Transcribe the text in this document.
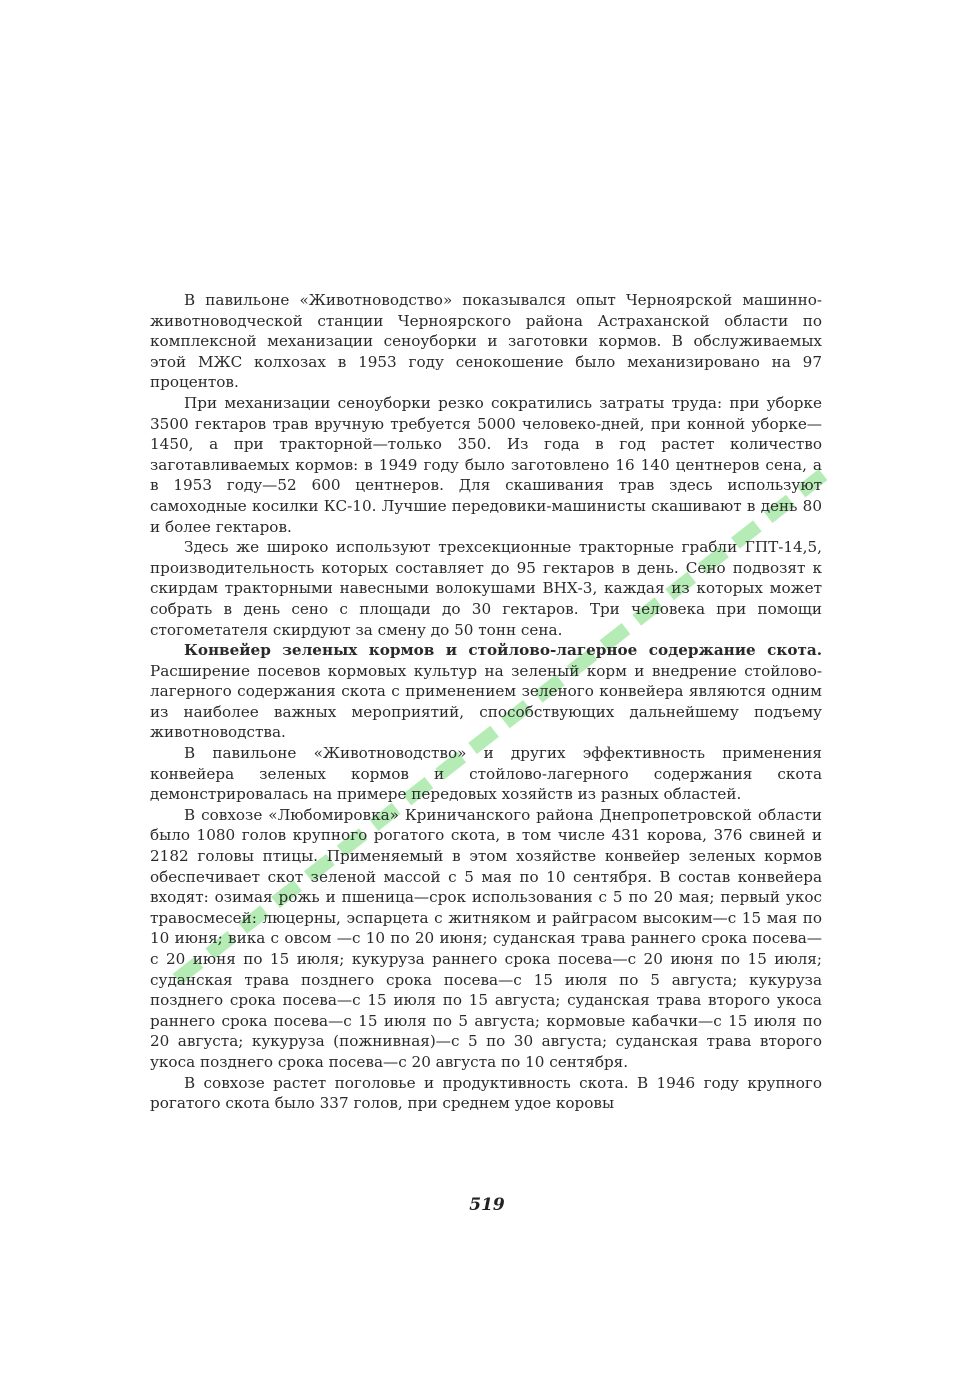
В павильоне «Животноводство» показывался опыт Черноярской машинно-животноводческой станции Черноярского района Астраханской области по комплексной механизации сеноуборки и заготовки кормов. В обслуживаемых этой МЖС колхозах в 1953 году сенокошение было механизировано на 97 процентов.

При механизации сеноуборки резко сократились затраты труда: при уборке 3500 гектаров трав вручную требуется 5000 человеко-дней, при конной уборке—1450, а при тракторной—только 350. Из года в год растет количество заготавливаемых кормов: в 1949 году было заготовлено 16 140 центнеров сена, а в 1953 году—52 600 центнеров. Для скашивания трав здесь используют самоходные косилки КС-10. Лучшие передовики-машинисты скашивают в день 80 и более гектаров.

Здесь же широко используют трехсекционные тракторные грабли ГПТ-14,5, производительность которых составляет до 95 гектаров в день. Сено подвозят к скирдам тракторными навесными волокушами ВНХ-3, каждая из которых может собрать в день сено с площади до 30 гектаров. Три человека при помощи стогометателя скирдуют за смену до 50 тонн сена.

Конвейер зеленых кормов и стойлово-лагерное содержание скота. Расширение посевов кормовых культур на зеленый корм и внедрение стойлово-лагерного содержания скота с применением зеленого конвейера являются одним из наиболее важных мероприятий, способствующих дальнейшему подъему животноводства.

В павильоне «Животноводство» и других эффективность применения конвейера зеленых кормов и стойлово-лагерного содержания скота демонстрировалась на примере передовых хозяйств из разных областей.

В совхозе «Любомировка» Криничанского района Днепропетровской области было 1080 голов крупного рогатого скота, в том числе 431 корова, 376 свиней и 2182 головы птицы. Применяемый в этом хозяйстве конвейер зеленых кормов обеспечивает скот зеленой массой с 5 мая по 10 сентября. В состав конвейера входят: озимая рожь и пшеница—срок использования с 5 по 20 мая; первый укос травосмесей: люцерны, эспарцета с житняком и райграсом высоким—с 15 мая по 10 июня; вика с овсом —с 10 по 20 июня; суданская трава раннего срока посева—с 20 июня по 15 июля; кукуруза раннего срока посева—с 20 июня по 15 июля; суданская трава позднего срока посева—с 15 июля по 5 августа; кукуруза позднего срока посева—с 15 июля по 15 августа; суданская трава второго укоса раннего срока посева—с 15 июля по 5 августа; кормовые кабачки—с 15 июля по 20 августа; кукуруза (пожнивная)—с 5 по 30 августа; суданская трава второго укоса позднего срока посева—с 20 августа по 10 сентября.

В совхозе растет поголовье и продуктивность скота. В 1946 году крупного рогатого скота было 337 голов, при среднем удое коровы

519
